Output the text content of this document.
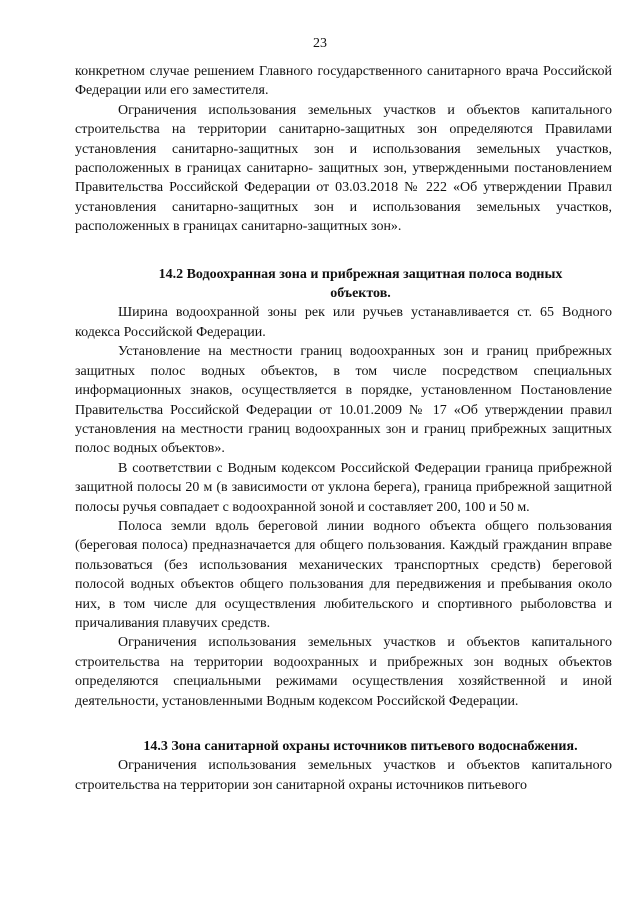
23

конкретном случае решением Главного государственного санитарного врача Российской Федерации или его заместителя.

Ограничения использования земельных участков и объектов капитального строительства на территории санитарно-защитных зон определяются Правилами установления санитарно-защитных зон и использования земельных участков, расположенных в границах санитарно- защитных зон, утвержденными постановлением Правительства Российской Федерации от 03.03.2018 № 222 «Об утверждении Правил установления санитарно-защитных зон и использования земельных участков, расположенных в границах санитарно-защитных зон».

14.2 Водоохранная зона и прибрежная защитная полоса водных
объектов.

Ширина водоохранной зоны рек или ручьев устанавливается ст. 65 Водного кодекса Российской Федерации.

Установление на местности границ водоохранных зон и границ прибрежных защитных полос водных объектов, в том числе посредством специальных информационных знаков, осуществляется в порядке, установленном Постановление Правительства Российской Федерации от 10.01.2009 № 17 «Об утверждении правил установления на местности границ водоохранных зон и границ прибрежных защитных полос водных объектов».

В соответствии с Водным кодексом Российской Федерации граница прибрежной защитной полосы 20 м (в зависимости от уклона берега), граница прибрежной защитной полосы ручья совпадает с водоохранной зоной и составляет 200, 100 и 50 м.

Полоса земли вдоль береговой линии водного объекта общего пользования (береговая полоса) предназначается для общего пользования. Каждый гражданин вправе пользоваться (без использования механических транспортных средств) береговой полосой водных объектов общего пользования для передвижения и пребывания около них, в том числе для осуществления любительского и спортивного рыболовства и причаливания плавучих средств.

Ограничения использования земельных участков и объектов капитального строительства на территории водоохранных и прибрежных зон водных объектов определяются специальными режимами осуществления хозяйственной и иной деятельности, установленными Водным кодексом Российской Федерации.

14.3 Зона санитарной охраны источников питьевого водоснабжения.

Ограничения использования земельных участков и объектов капитального строительства на территории зон санитарной охраны источников питьевого
